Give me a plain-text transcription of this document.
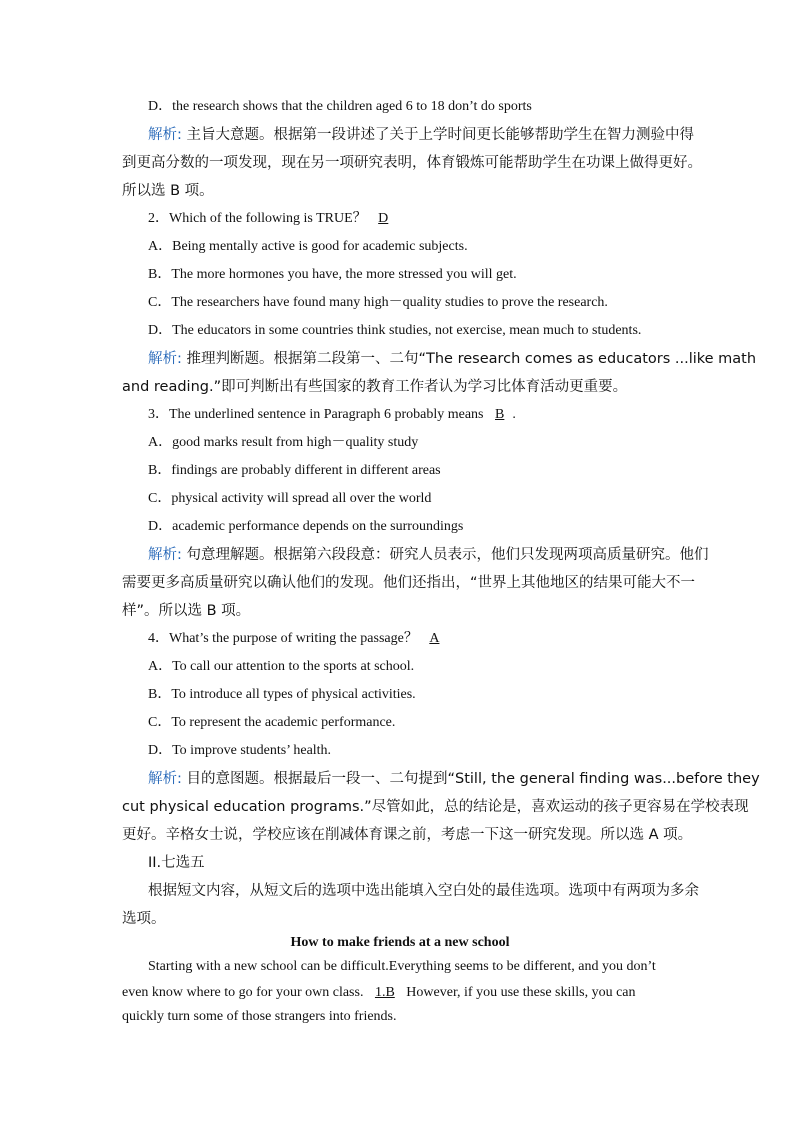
D．the research shows that the children aged 6 to 18 don’t do sports
解析: 主旨大意题。根据第一段讲述了关于上学时间更长能够帮助学生在智力测验中得
到更高分数的一项发现，现在另一项研究表明，体育锻炼可能帮助学生在功课上做得更好。
所以选 B 项。
2．Which of the following is TRUE？ D
A．Being mentally active is good for academic subjects.
B．The more hormones you have, the more stressed you will get.
C．The researchers have found many high－quality studies to prove the research.
D．The educators in some countries think studies, not exercise, mean much to students.
解析: 推理判断题。根据第二段第一、二句“The research comes as educators ...like math
and reading.”即可判断出有些国家的教育工作者认为学习比体育活动更重要。
3．The underlined sentence in Paragraph 6 probably means B .
A．good marks result from high－quality study
B．findings are probably different in different areas
C．physical activity will spread all over the world
D．academic performance depends on the surroundings
解析: 句意理解题。根据第六段段意：研究人员表示，他们只发现两项高质量研究。他们
需要更多高质量研究以确认他们的发现。他们还指出，“世界上其他地区的结果可能大不一
样”。所以选 B 项。
4．What’s the purpose of writing the passage？ A
A．To call our attention to the sports at school.
B．To introduce all types of physical activities.
C．To represent the academic performance.
D．To improve students’ health.
解析: 目的意图题。根据最后一段一、二句提到“Still, the general finding was...before they
cut physical education programs.”尽管如此，总的结论是，喜欢运动的孩子更容易在学校表现
更好。辛格女士说，学校应该在削减体育课之前，考虑一下这一研究发现。所以选 A 项。
II.七选五
根据短文内容，从短文后的选项中选出能填入空白处的最佳选项。选项中有两项为多余
选项。
How to make friends at a new school
Starting with a new school can be difficult.Everything seems to be different, and you don’t
even know where to go for your own class. 1.B However, if you use these skills, you can
quickly turn some of those strangers into friends.
